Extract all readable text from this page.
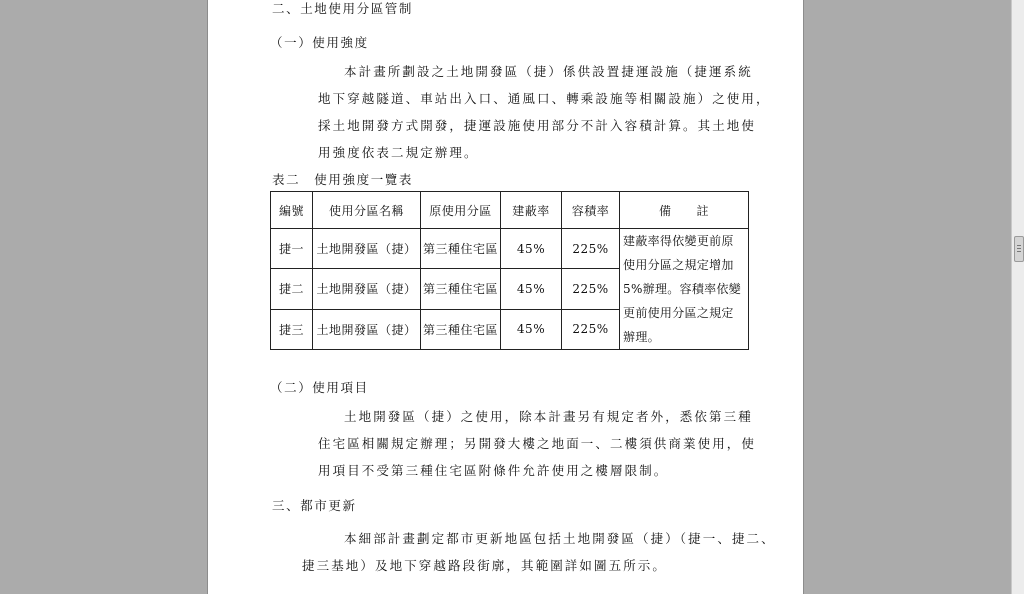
二、土地使用分區管制
（一）使用強度
本計畫所劃設之土地開發區（捷）係供設置捷運設施（捷運系統
地下穿越隧道、車站出入口、通風口、轉乘設施等相關設施）之使用，
採土地開發方式開發，捷運設施使用部分不計入容積計算。其土地使
用強度依表二規定辦理。
表二　使用強度一覽表
編號	使用分區名稱	原使用分區	建蔽率	容積率	備　　註
捷一	土地開發區（捷）	第三種住宅區	45%	225%	建蔽率得依變更前原使用分區之規定增加5%辦理。容積率依變更前使用分區之規定辦理。
捷二	土地開發區（捷）	第三種住宅區	45%	225%	
捷三	土地開發區（捷）	第三種住宅區	45%	225%	
（二）使用項目
土地開發區（捷）之使用，除本計畫另有規定者外，悉依第三種
住宅區相關規定辦理；另開發大樓之地面一、二樓須供商業使用，使
用項目不受第三種住宅區附條件允許使用之樓層限制。
三、都市更新
本細部計畫劃定都市更新地區包括土地開發區（捷）（捷一、捷二、
捷三基地）及地下穿越路段街廓，其範圍詳如圖五所示。
